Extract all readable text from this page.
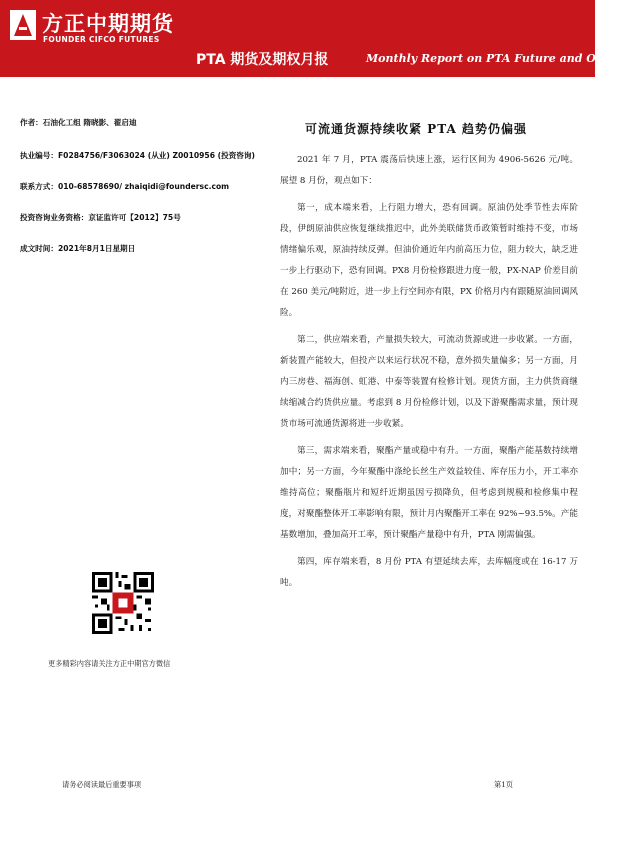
方正中期期货
FOUNDER CIFCO FUTURES
PTA 期货及期权月报	Monthly Report on PTA Future and Option
作者：石油化工组 隋晓影、翟启迪
执业编号：F0284756/F3063024 (从业) Z0010956 (投资咨询)
联系方式：010-68578690/ zhaiqidi@foundersc.com
投资咨询业务资格：京证监许可【2012】75号
成文时间：2021年8月1日星期日
更多精彩内容请关注方正中期官方微信
可流通货源持续收紧 PTA 趋势仍偏强

2021 年 7 月，PTA 震荡后快速上涨，运行区间为 4906-5626 元/吨。展望 8 月份，观点如下：

第一，成本端来看，上行阻力增大，恐有回调。原油仍处季节性去库阶段，伊朗原油供应恢复继续推迟中，此外美联储货币政策暂时维持不变，市场情绪偏乐观，原油持续反弹。但油价通近年内前高压力位，阻力较大，缺乏进一步上行驱动下，恐有回调。PX8 月份检修跟进力度一般，PX-NAP 价差目前在 260 美元/吨附近，进一步上行空间亦有限，PX 价格月内有跟随原油回调风险。

第二，供应端来看，产量损失较大，可流动货源或进一步收紧。一方面，新装置产能较大，但投产以来运行状况不稳，意外损失量偏多；另一方面，月内三房巷、福海创、虹港、中泰等装置有检修计划。现货方面，主力供货商继续缩减合约货供应量。考虑到 8 月份检修计划，以及下游聚酯需求量，预计现货市场可流通货源将进一步收紧。

第三，需求端来看，聚酯产量或稳中有升。一方面，聚酯产能基数持续增加中；另一方面，今年聚酯中涤纶长丝生产效益较佳、库存压力小，开工率亦维持高位；聚酯瓶片和短纤近期虽因亏损降负，但考虑到规模和检修集中程度，对聚酯整体开工率影响有限，预计月内聚酯开工率在 92%~93.5%。产能基数增加，叠加高开工率，预计聚酯产量稳中有升，PTA 刚需偏强。

第四，库存端来看，8 月份 PTA 有望延续去库，去库幅度或在 16-17 万吨。

请务必阅读最后重要事项	第1页
